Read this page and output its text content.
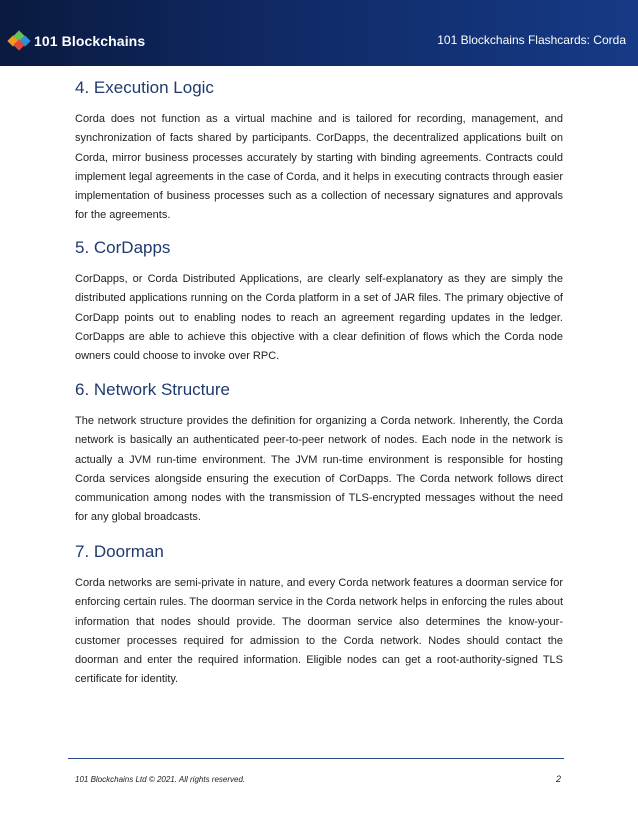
101 Blockchains	101 Blockchains Flashcards: Corda
4. Execution Logic

Corda does not function as a virtual machine and is tailored for recording, management, and synchronization of facts shared by participants. CorDapps, the decentralized applications built on Corda, mirror business processes accurately by starting with binding agreements. Contracts could implement legal agreements in the case of Corda, and it helps in executing contracts through easier implementation of business processes such as a collection of necessary signatures and approvals for the agreements.

5. CorDapps

CorDapps, or Corda Distributed Applications, are clearly self-explanatory as they are simply the distributed applications running on the Corda platform in a set of JAR files. The primary objective of CorDapp points out to enabling nodes to reach an agreement regarding updates in the ledger. CorDapps are able to achieve this objective with a clear definition of flows which the Corda node owners could choose to invoke over RPC.

6. Network Structure

The network structure provides the definition for organizing a Corda network. Inherently, the Corda network is basically an authenticated peer-to-peer network of nodes. Each node in the network is actually a JVM run-time environment. The JVM run-time environment is responsible for hosting Corda services alongside ensuring the execution of CorDapps. The Corda network follows direct communication among nodes with the transmission of TLS-encrypted messages without the need for any global broadcasts.

7. Doorman

Corda networks are semi-private in nature, and every Corda network features a doorman service for enforcing certain rules. The doorman service in the Corda network helps in enforcing the rules about information that nodes should provide. The doorman service also determines the know-your-customer processes required for admission to the Corda network. Nodes should contact the doorman and enter the required information. Eligible nodes can get a root-authority-signed TLS certificate for identity.

101 Blockchains Ltd © 2021. All rights reserved.	2
